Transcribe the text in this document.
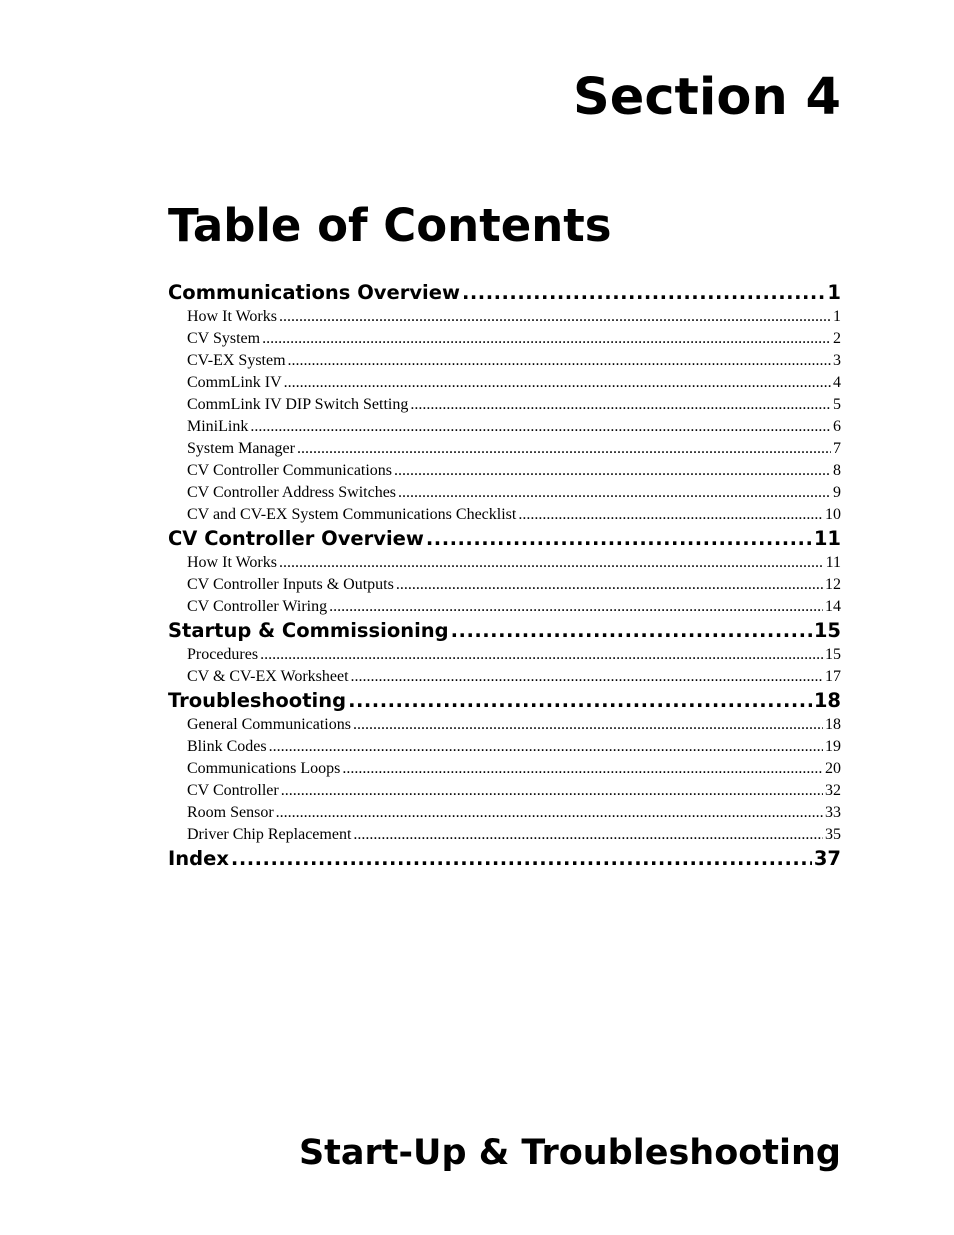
Section 4
Table of Contents
Communications Overview .....	1
How It Works .....	1
CV System .....	2
CV-EX System .....	3
CommLink IV .....	4
CommLink IV DIP Switch Setting .....	5
MiniLink .....	6
System Manager .....	7
CV Controller Communications .....	8
CV Controller Address Switches .....	9
CV and CV-EX System Communications Checklist .....	10
CV Controller Overview .....	11
How It Works .....	11
CV Controller Inputs & Outputs .....	12
CV Controller Wiring .....	14
Startup & Commissioning .....	15
Procedures .....	15
CV & CV-EX Worksheet .....	17
Troubleshooting .....	18
General Communications .....	18
Blink Codes .....	19
Communications Loops .....	20
CV Controller .....	32
Room Sensor .....	33
Driver Chip Replacement .....	35
Index .....	37
Start-Up & Troubleshooting
